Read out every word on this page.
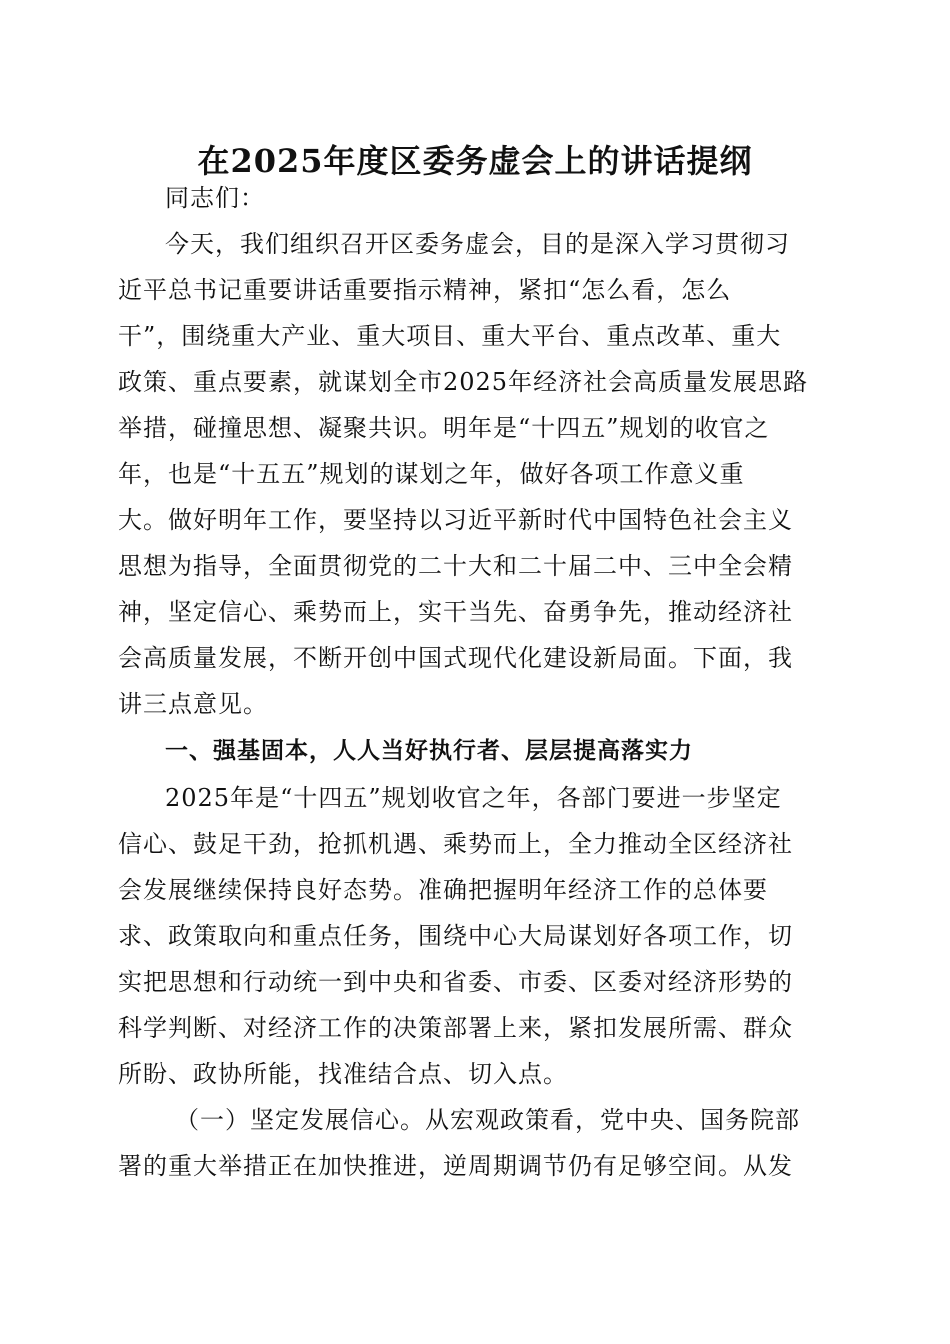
在2025年度区委务虚会上的讲话提纲

同志们：

今天，我们组织召开区委务虚会，目的是深入学习贯彻习

近平总书记重要讲话重要指示精神，紧扣“怎么看，怎么

干”，围绕重大产业、重大项目、重大平台、重点改革、重大

政策、重点要素，就谋划全市2025年经济社会高质量发展思路

举措，碰撞思想、凝聚共识。明年是“十四五”规划的收官之

年，也是“十五五”规划的谋划之年，做好各项工作意义重

大。做好明年工作，要坚持以习近平新时代中国特色社会主义

思想为指导，全面贯彻党的二十大和二十届二中、三中全会精

神，坚定信心、乘势而上，实干当先、奋勇争先，推动经济社

会高质量发展，不断开创中国式现代化建设新局面。下面，我

讲三点意见。

一、强基固本，人人当好执行者、层层提高落实力

2025年是“十四五”规划收官之年，各部门要进一步坚定

信心、鼓足干劲，抢抓机遇、乘势而上，全力推动全区经济社

会发展继续保持良好态势。准确把握明年经济工作的总体要

求、政策取向和重点任务，围绕中心大局谋划好各项工作，切

实把思想和行动统一到中央和省委、市委、区委对经济形势的

科学判断、对经济工作的决策部署上来，紧扣发展所需、群众

所盼、政协所能，找准结合点、切入点。

（一）坚定发展信心。从宏观政策看，党中央、国务院部

署的重大举措正在加快推进，逆周期调节仍有足够空间。从发
